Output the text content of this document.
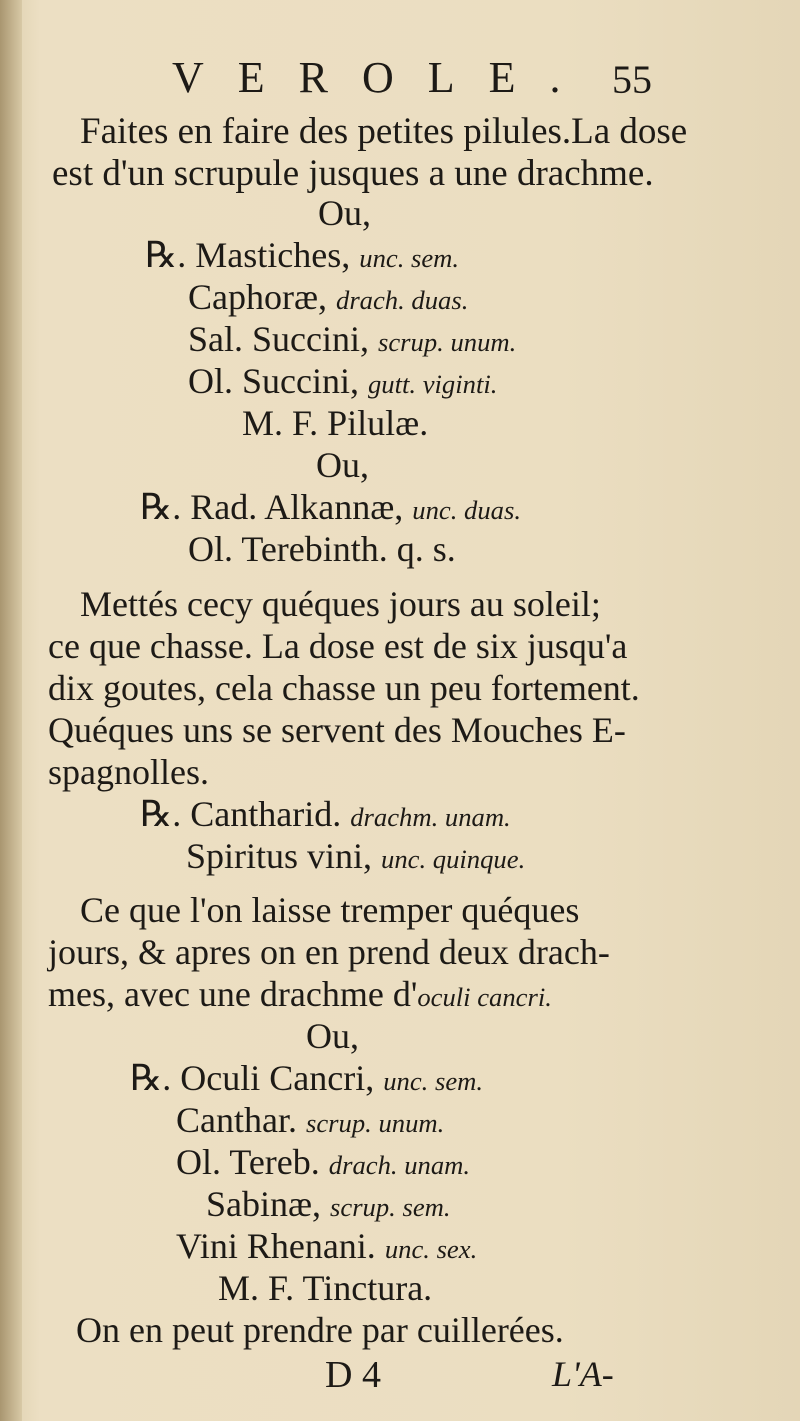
VEROLE. 55
Faites en faire des petites pilules.La dose
est d'un scrupule jusques a une drachme.
Ou,
℞. Mastiches, unc. sem.
Caphoræ, drach. duas.
Sal. Succini, scrup. unum.
Ol. Succini, gutt. viginti.
M. F. Pilulæ.
Ou,
℞. Rad. Alkannæ, unc. duas.
Ol. Terebinth. q. s.
Mettés cecy quéques jours au soleil;
ce que chasse. La dose est de six jusqu'a
dix goutes, cela chasse un peu fortement.
Quéques uns se servent des Mouches E-
spagnolles.
℞. Cantharid. drachm. unam.
Spiritus vini, unc. quinque.
Ce que l'on laisse tremper quéques
jours, & apres on en prend deux drach-
mes, avec une drachme d'oculi cancri.
Ou,
℞. Oculi Cancri, unc. sem.
Canthar. scrup. unum.
Ol. Tereb. drach. unam.
Sabinæ, scrup. sem.
Vini Rhenani. unc. sex.
M. F. Tinctura.
On en peut prendre par cuillerées.
D 4	L'A-
